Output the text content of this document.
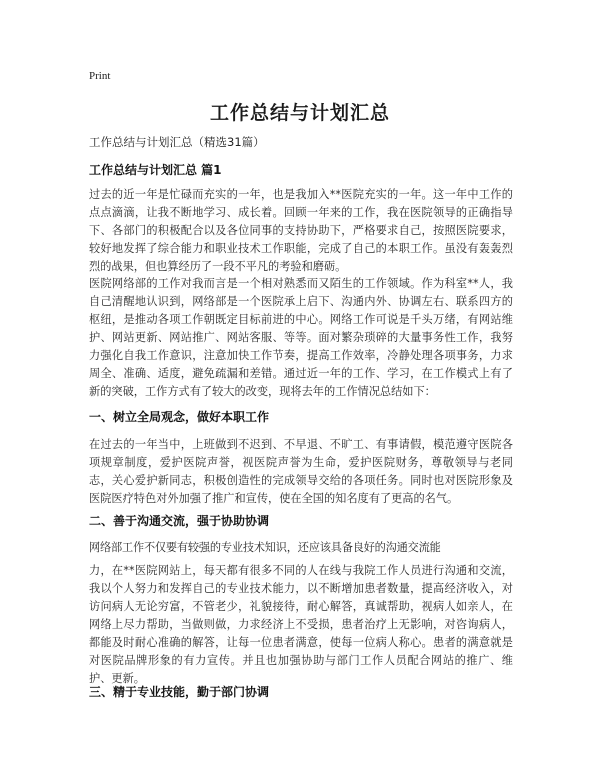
Print
工作总结与计划汇总
工作总结与计划汇总（精选31篇）
工作总结与计划汇总 篇1

过去的近一年是忙碌而充实的一年，也是我加入**医院充实的一年。这一年中工作的点点滴滴，让我不断地学习、成长着。回顾一年来的工作，我在医院领导的正确指导下、各部门的积极配合以及各位同事的支持协助下，严格要求自己，按照医院要求，较好地发挥了综合能力和职业技术工作职能，完成了自己的本职工作。虽没有轰轰烈烈的战果，但也算经历了一段不平凡的考验和磨砺。

医院网络部的工作对我而言是一个相对熟悉而又陌生的工作领域。作为科室**人，我自己清醒地认识到，网络部是一个医院承上启下、沟通内外、协调左右、联系四方的枢纽，是推动各项工作朝既定目标前进的中心。网络工作可说是千头万绪，有网站维护、网站更新、网站推广、网站客服、等等。面对繁杂琐碎的大量事务性工作，我努力强化自我工作意识，注意加快工作节奏，提高工作效率，冷静处理各项事务，力求周全、准确、适度，避免疏漏和差错。通过近一年的工作、学习，在工作模式上有了新的突破，工作方式有了较大的改变，现将去年的工作情况总结如下：

一、树立全局观念，做好本职工作

在过去的一年当中，上班做到不迟到、不早退、不旷工、有事请假，模范遵守医院各项规章制度，爱护医院声誉，视医院声誉为生命，爱护医院财务，尊敬领导与老同志，关心爱护新同志，积极创造性的完成领导交给的各项任务。同时也对医院形象及医院医疗特色对外加强了推广和宣传，使在全国的知名度有了更高的名气。

二、善于沟通交流，强于协助协调

网络部工作不仅要有较强的专业技术知识，还应该具备良好的沟通交流能

力，在**医院网站上，每天都有很多不同的人在线与我院工作人员进行沟通和交流，我以个人努力和发挥自己的专业技术能力，以不断增加患者数量，提高经济收入，对访问病人无论穷富，不管老少，礼貌接待，耐心解答，真诚帮助，视病人如亲人，在网络上尽力帮助，当做则做，力求经济上不受损，患者治疗上无影响，对咨询病人，都能及时耐心准确的解答，让每一位患者满意，使每一位病人称心。患者的满意就是对医院品牌形象的有力宣传。并且也加强协助与部门工作人员配合网站的推广、维护、更新。

三、精于专业技能，勤于部门协调
